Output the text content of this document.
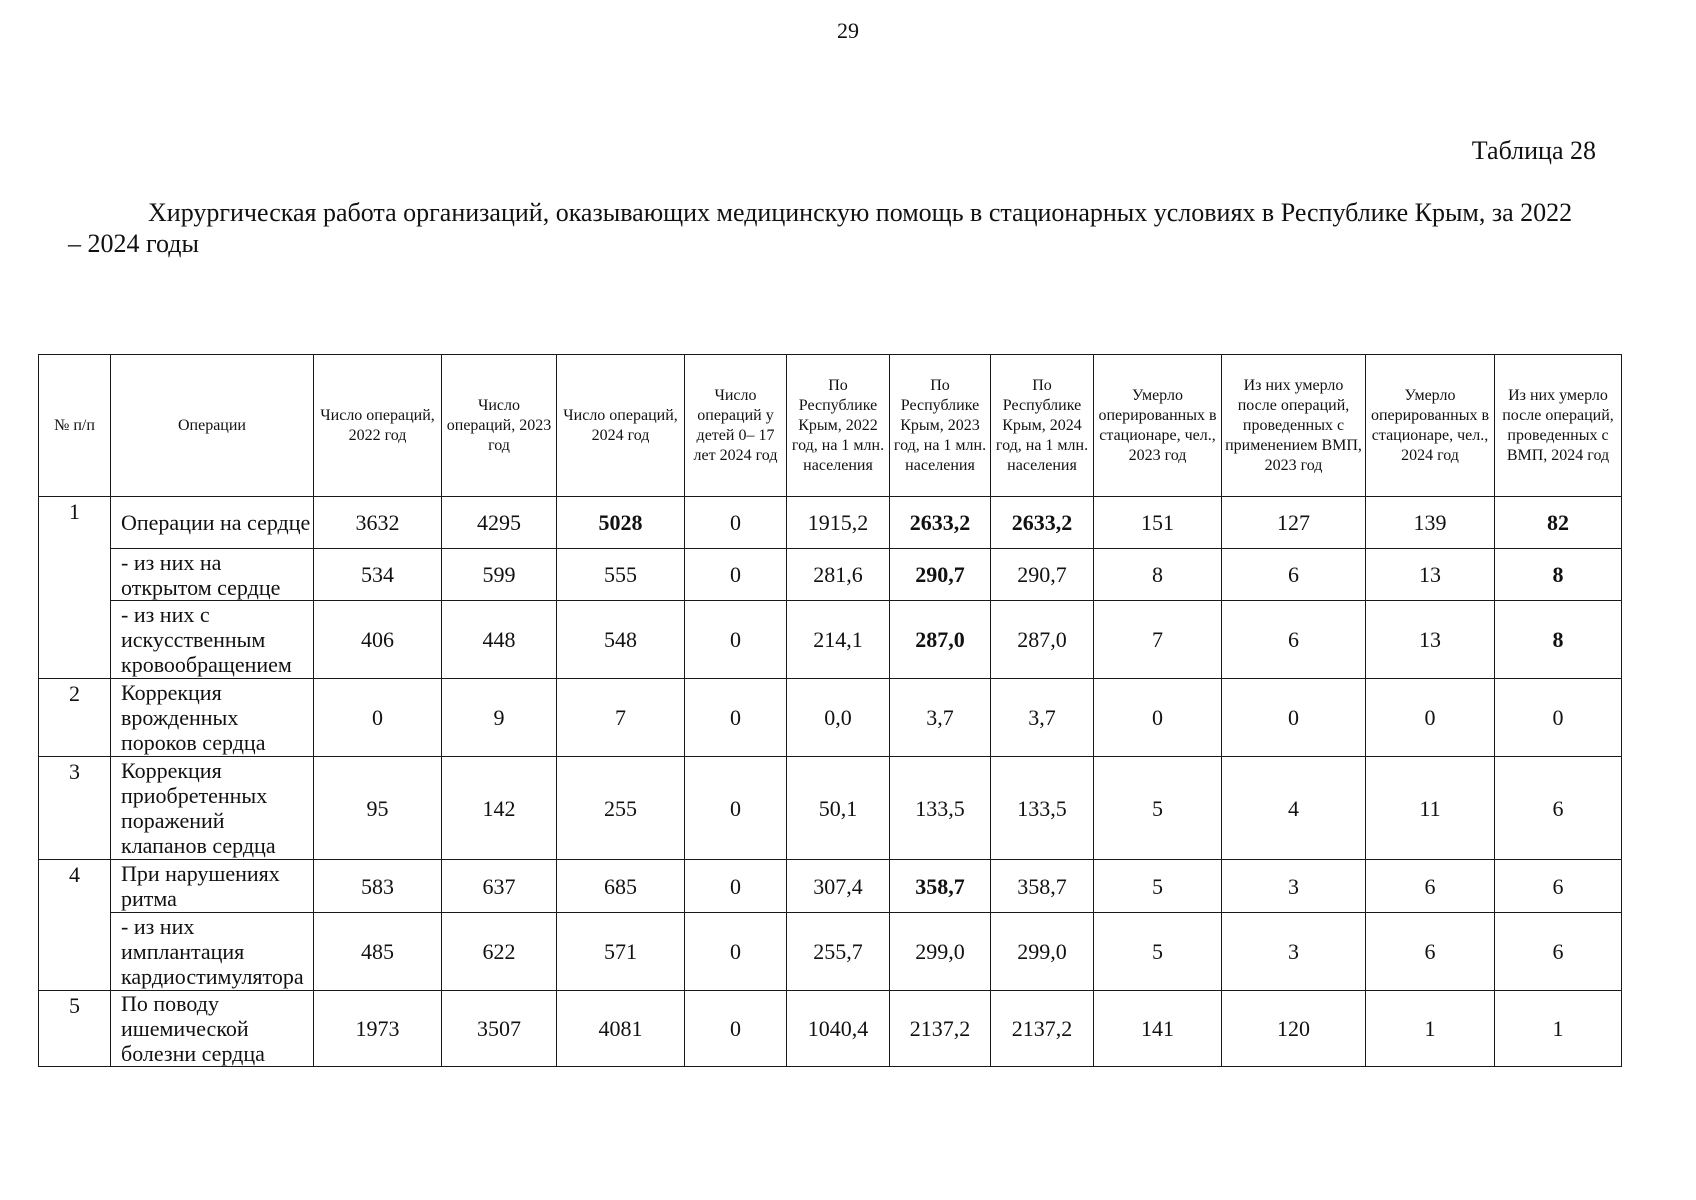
29
Таблица 28
Хирургическая работа организаций, оказывающих медицинскую помощь в стационарных условиях в Республике Крым, за 2022 – 2024 годы
№ п/п	Операции	Число операций, 2022 год	Число операций, 2023 год	Число операций, 2024 год	Число операций у детей 0– 17 лет 2024 год	По Республике Крым, 2022 год, на 1 млн. населения	По Республике Крым, 2023 год, на 1 млн. населения	По Республике Крым, 2024 год, на 1 млн. населения	Умерло оперированных в стационаре, чел., 2023 год	Из них умерло после операций, проведенных с применением ВМП, 2023 год	Умерло оперированных в стационаре, чел., 2024 год	Из них умерло после операций, проведенных с ВМП, 2024 год
1	Операции на сердце	3632	4295	5028	0	1915,2	2633,2	2633,2	151	127	139	82
	- из них на открытом сердце	534	599	555	0	281,6	290,7	290,7	8	6	13	8
	- из них с искусственным кровообращением	406	448	548	0	214,1	287,0	287,0	7	6	13	8
2	Коррекция врожденных пороков сердца	0	9	7	0	0,0	3,7	3,7	0	0	0	0
3	Коррекция приобретенных поражений клапанов сердца	95	142	255	0	50,1	133,5	133,5	5	4	11	6
4	При нарушениях ритма	583	637	685	0	307,4	358,7	358,7	5	3	6	6
	- из них имплантация кардиостимулятора	485	622	571	0	255,7	299,0	299,0	5	3	6	6
5	По поводу ишемической болезни сердца	1973	3507	4081	0	1040,4	2137,2	2137,2	141	120	1	1
